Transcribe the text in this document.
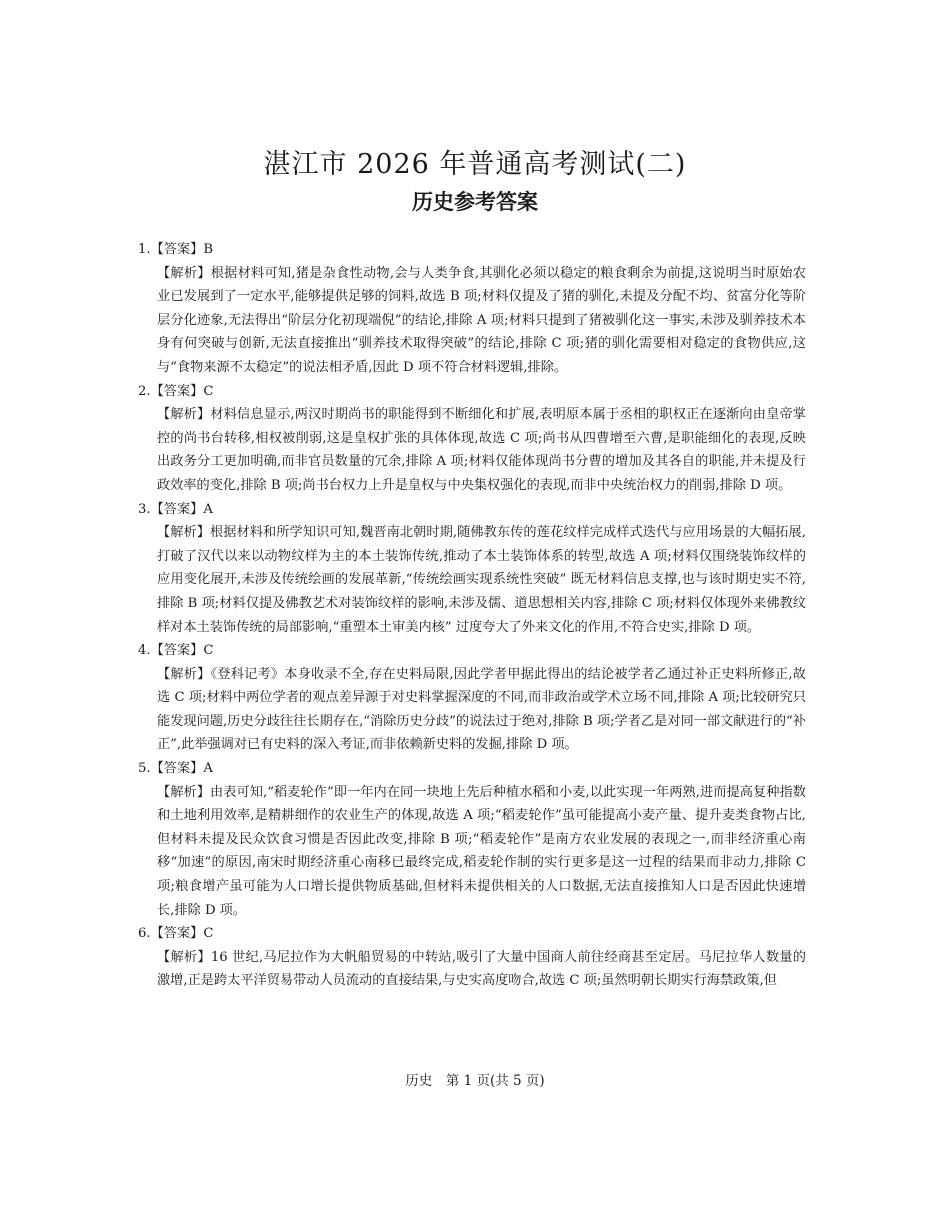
湛江市 2026 年普通高考测试(二)
历史参考答案
1.【答案】B
【解析】根据材料可知,猪是杂食性动物,会与人类争食,其驯化必须以稳定的粮食剩余为前提,这说明当时原始农业已发展到了一定水平,能够提供足够的饲料,故选 B 项;材料仅提及了猪的驯化,未提及分配不均、贫富分化等阶层分化迹象,无法得出“阶层分化初现端倪”的结论,排除 A 项;材料只提到了猪被驯化这一事实,未涉及驯养技术本身有何突破与创新,无法直接推出“驯养技术取得突破”的结论,排除 C 项;猪的驯化需要相对稳定的食物供应,这与“食物来源不太稳定”的说法相矛盾,因此 D 项不符合材料逻辑,排除。
2.【答案】C
【解析】材料信息显示,两汉时期尚书的职能得到不断细化和扩展,表明原本属于丞相的职权正在逐渐向由皇帝掌控的尚书台转移,相权被削弱,这是皇权扩张的具体体现,故选 C 项;尚书从四曹增至六曹,是职能细化的表现,反映出政务分工更加明确,而非官员数量的冗余,排除 A 项;材料仅能体现尚书分曹的增加及其各自的职能,并未提及行政效率的变化,排除 B 项;尚书台权力上升是皇权与中央集权强化的表现,而非中央统治权力的削弱,排除 D 项。
3.【答案】A
【解析】根据材料和所学知识可知,魏晋南北朝时期,随佛教东传的莲花纹样完成样式迭代与应用场景的大幅拓展,打破了汉代以来以动物纹样为主的本土装饰传统,推动了本土装饰体系的转型,故选 A 项;材料仅围绕装饰纹样的应用变化展开,未涉及传统绘画的发展革新,“传统绘画实现系统性突破” 既无材料信息支撑,也与该时期史实不符,排除 B 项;材料仅提及佛教艺术对装饰纹样的影响,未涉及儒、道思想相关内容,排除 C 项;材料仅体现外来佛教纹样对本土装饰传统的局部影响,“重塑本土审美内核” 过度夸大了外来文化的作用,不符合史实,排除 D 项。
4.【答案】C
【解析】《登科记考》本身收录不全,存在史料局限,因此学者甲据此得出的结论被学者乙通过补正史料所修正,故选 C 项;材料中两位学者的观点差异源于对史料掌握深度的不同,而非政治或学术立场不同,排除 A 项;比较研究只能发现问题,历史分歧往往长期存在,“消除历史分歧”的说法过于绝对,排除 B 项;学者乙是对同一部文献进行的“补正”,此举强调对已有史料的深入考证,而非依赖新史料的发掘,排除 D 项。
5.【答案】A
【解析】由表可知,“稻麦轮作”即一年内在同一块地上先后种植水稻和小麦,以此实现一年两熟,进而提高复种指数和土地利用效率,是精耕细作的农业生产的体现,故选 A 项;“稻麦轮作”虽可能提高小麦产量、提升麦类食物占比,但材料未提及民众饮食习惯是否因此改变,排除 B 项;“稻麦轮作”是南方农业发展的表现之一,而非经济重心南移“加速”的原因,南宋时期经济重心南移已最终完成,稻麦轮作制的实行更多是这一过程的结果而非动力,排除 C 项;粮食增产虽可能为人口增长提供物质基础,但材料未提供相关的人口数据,无法直接推知人口是否因此快速增长,排除 D 项。
6.【答案】C
【解析】16 世纪,马尼拉作为大帆船贸易的中转站,吸引了大量中国商人前往经商甚至定居。马尼拉华人数量的激增,正是跨太平洋贸易带动人员流动的直接结果,与史实高度吻合,故选 C 项;虽然明朝长期实行海禁政策,但
历史　第 1 页(共 5 页)
